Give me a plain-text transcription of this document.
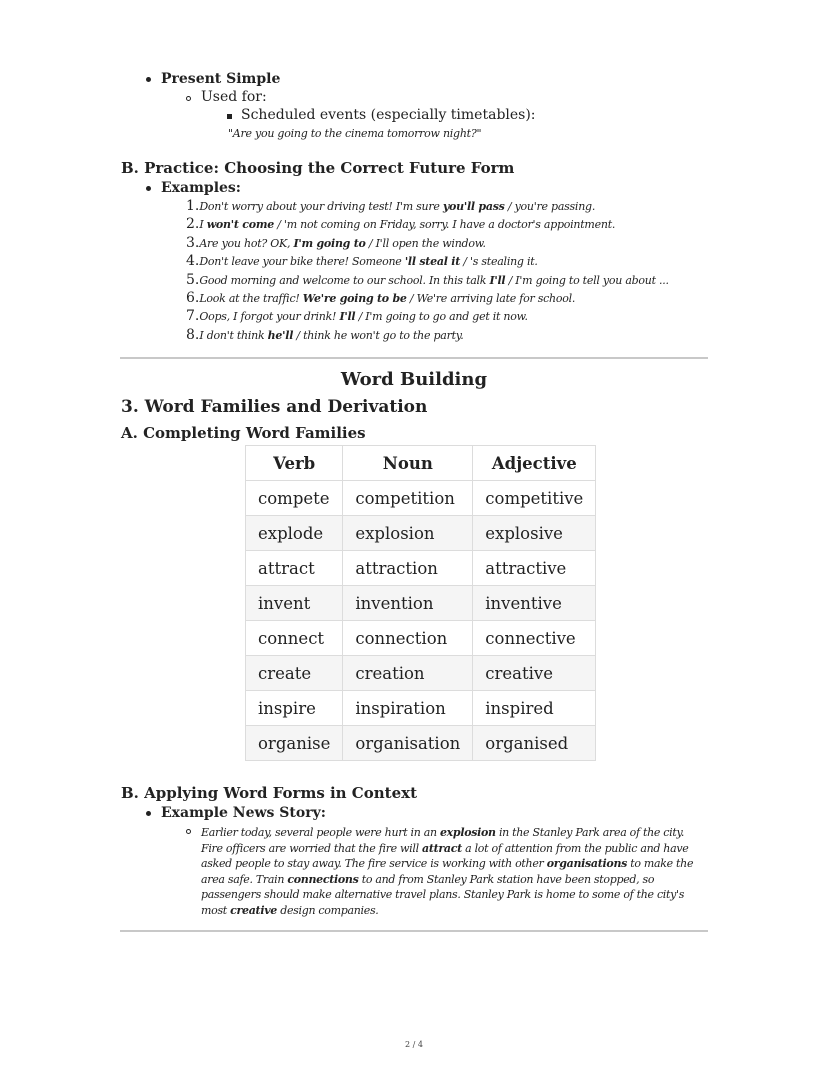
Present Simple
Used for:
Scheduled events (especially timetables):
"Are you going to the cinema tomorrow night?"
B. Practice: Choosing the Correct Future Form
Examples:
1.Don't worry about your driving test! I'm sure you'll pass / you're passing.
2.I won't come / 'm not coming on Friday, sorry. I have a doctor's appointment.
3.Are you hot? OK, I'm going to / I'll open the window.
4.Don't leave your bike there! Someone 'll steal it / 's stealing it.
5.Good morning and welcome to our school. In this talk I'll / I'm going to tell you about ...
6.Look at the traffic! We're going to be / We're arriving late for school.
7.Oops, I forgot your drink! I'll / I'm going to go and get it now.
8.I don't think he'll / think he won't go to the party.
Word Building
3. Word Families and Derivation
A. Completing Word Families
Verb	Noun	Adjective
compete	competition	competitive
explode	explosion	explosive
attract	attraction	attractive
invent	invention	inventive
connect	connection	connective
create	creation	creative
inspire	inspiration	inspired
organise	organisation	organised
B. Applying Word Forms in Context
Example News Story:
Earlier today, several people were hurt in an explosion in the Stanley Park area of the city. Fire officers are worried that the fire will attract a lot of attention from the public and have asked people to stay away. The fire service is working with other organisations to make the area safe. Train connections to and from Stanley Park station have been stopped, so passengers should make alternative travel plans. Stanley Park is home to some of the city's most creative design companies.
2 / 4
